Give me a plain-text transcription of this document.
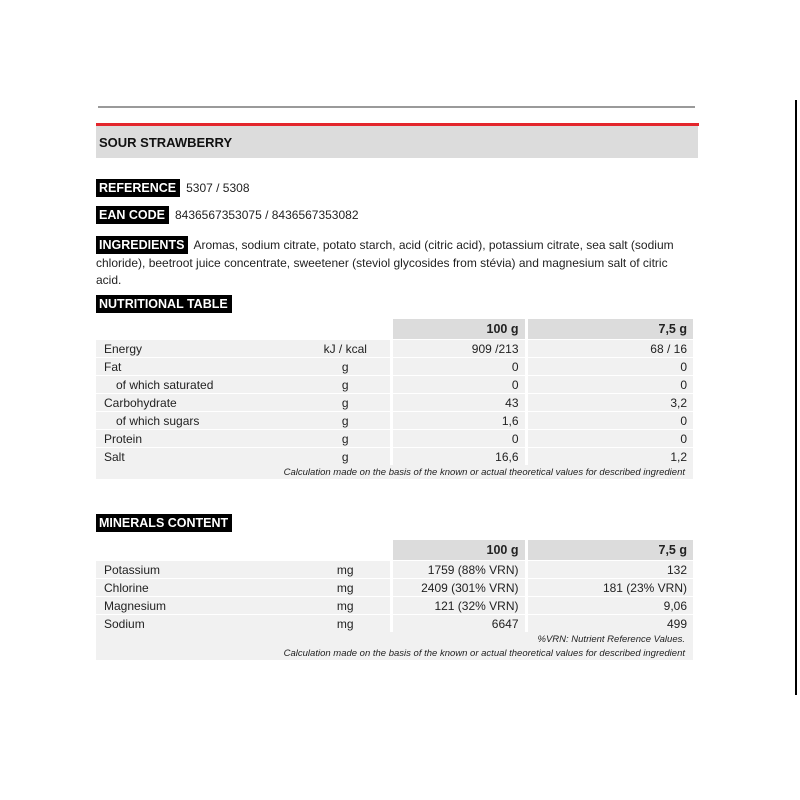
SOUR STRAWBERRY
REFERENCE 5307 / 5308
EAN CODE 8436567353075 / 8436567353082
INGREDIENTS Aromas, sodium citrate, potato starch, acid (citric acid), potassium citrate, sea salt (sodium chloride), beetroot juice concentrate, sweetener (steviol glycosides from stévia) and magnesium salt of citric acid.
NUTRITIONAL TABLE
		100 g	7,5 g
Energy	kJ / kcal	909 /213	68 / 16
Fat	g	0	0
of which saturated	g	0	0
Carbohydrate	g	43	3,2
of which sugars	g	1,6	0
Protein	g	0	0
Salt	g	16,6	1,2
Calculation made on the basis of the known or actual theoretical values for described ingredient			
MINERALS CONTENT
		100 g	7,5 g
Potassium	mg	1759 (88% VRN)	132
Chlorine	mg	2409 (301% VRN)	181 (23% VRN)
Magnesium	mg	121 (32% VRN)	9,06
Sodium	mg	6647	499
%VRN: Nutrient Reference Values.			
Calculation made on the basis of the known or actual theoretical values for described ingredient			
